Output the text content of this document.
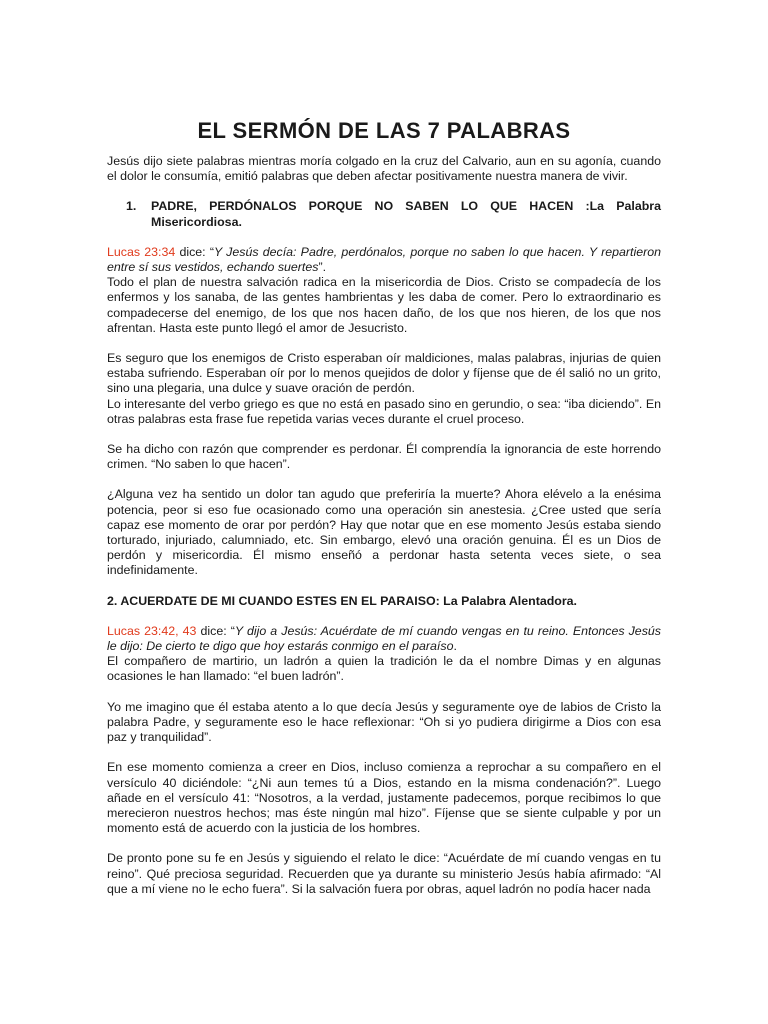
EL SERMÓN DE LAS 7 PALABRAS

Jesús dijo siete palabras mientras moría colgado en la cruz del Calvario, aun en su agonía, cuando el dolor le consumía, emitió palabras que deben afectar positivamente nuestra manera de vivir.

1.	PADRE, PERDÓNALOS PORQUE NO SABEN LO QUE HACEN :La Palabra Misericordiosa.

Lucas 23:34 dice: “Y Jesús decía: Padre, perdónalos, porque no saben lo que hacen. Y repartieron entre sí sus vestidos, echando suertes”.

Todo el plan de nuestra salvación radica en la misericordia de Dios. Cristo se compadecía de los enfermos y los sanaba, de las gentes hambrientas y les daba de comer. Pero lo extraordinario es compadecerse del enemigo, de los que nos hacen daño, de los que nos hieren, de los que nos afrentan. Hasta este punto llegó el amor de Jesucristo.

Es seguro que los enemigos de Cristo esperaban oír maldiciones, malas palabras, injurias de quien estaba sufriendo. Esperaban oír por lo menos quejidos de dolor y fíjense que de él salió no un grito, sino una plegaria, una dulce y suave oración de perdón.

Lo interesante del verbo griego es que no está en pasado sino en gerundio, o sea: “iba diciendo”. En otras palabras esta frase fue repetida varias veces durante el cruel proceso.

Se ha dicho con razón que comprender es perdonar. Él comprendía la ignorancia de este horrendo crimen. “No saben lo que hacen”.

¿Alguna vez ha sentido un dolor tan agudo que preferiría la muerte? Ahora elévelo a la enésima potencia, peor si eso fue ocasionado como una operación sin anestesia. ¿Cree usted que sería capaz ese momento de orar por perdón? Hay que notar que en ese momento Jesús estaba siendo torturado, injuriado, calumniado, etc. Sin embargo, elevó una oración genuina. Él es un Dios de perdón y misericordia. Él mismo enseñó a perdonar hasta setenta veces siete, o sea indefinidamente.

2. ACUERDATE DE MI CUANDO ESTES EN EL PARAISO: La Palabra Alentadora.

Lucas 23:42, 43 dice: “Y dijo a Jesús: Acuérdate de mí cuando vengas en tu reino. Entonces Jesús le dijo: De cierto te digo que hoy estarás conmigo en el paraíso.

El compañero de martirio, un ladrón a quien la tradición le da el nombre Dimas y en algunas ocasiones le han llamado: “el buen ladrón”.

Yo me imagino que él estaba atento a lo que decía Jesús y seguramente oye de labios de Cristo la palabra Padre, y seguramente eso le hace reflexionar: “Oh si yo pudiera dirigirme a Dios con esa paz y tranquilidad”.

En ese momento comienza a creer en Dios, incluso comienza a reprochar a su compañero en el versículo 40 diciéndole: “¿Ni aun temes tú a Dios, estando en la misma condenación?”. Luego añade en el versículo 41: “Nosotros, a la verdad, justamente padecemos, porque recibimos lo que merecieron nuestros hechos; mas éste ningún mal hizo”. Fíjense que se siente culpable y por un momento está de acuerdo con la justicia de los hombres.

De pronto pone su fe en Jesús y siguiendo el relato le dice: “Acuérdate de mí cuando vengas en tu reino”. Qué preciosa seguridad. Recuerden que ya durante su ministerio Jesús había afirmado: “Al que a mí viene no le echo fuera”. Si la salvación fuera por obras, aquel ladrón no podía hacer nada
